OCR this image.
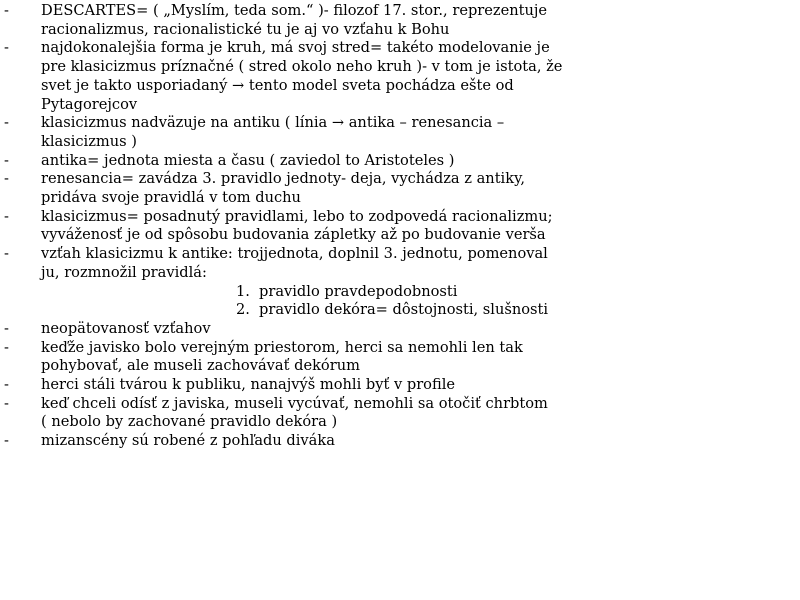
- DESCARTES= ( „Myslím, teda som.“ )- filozof 17. stor., reprezentuje
racionalizmus, racionalistické tu je aj vo vzťahu k Bohu
- najdokonalejšia forma je kruh, má svoj stred= takéto modelovanie je
pre klasicizmus príznačné ( stred okolo neho kruh )- v tom je istota, že
svet je takto usporiadaný → tento model sveta pochádza ešte od
Pytagorejcov
- klasicizmus nadväzuje na antiku ( línia → antika – renesancia –
klasicizmus )
- antika= jednota miesta a času ( zaviedol to Aristoteles )
- renesancia= zavádza 3. pravidlo jednoty- deja, vychádza z antiky,
pridáva svoje pravidlá v tom duchu
- klasicizmus= posadnutý pravidlami, lebo to zodpovedá racionalizmu;
vyváženosť je od spôsobu budovania zápletky až po budovanie verša
- vzťah klasicizmu k antike: trojjednota, doplnil 3. jednotu, pomenoval
ju, rozmnožil pravidlá:
1. pravidlo pravdepodobnosti
2. pravidlo dekóra= dôstojnosti, slušnosti
- neopätovanosť vzťahov
- keďže javisko bolo verejným priestorom, herci sa nemohli len tak
pohybovať, ale museli zachovávať dekórum
- herci stáli tvárou k publiku, nanajvýš mohli byť v profile
- keď chceli odísť z javiska, museli vycúvať, nemohli sa otočiť chrbtom
( nebolo by zachované pravidlo dekóra )
- mizanscény sú robené z pohľadu diváka
